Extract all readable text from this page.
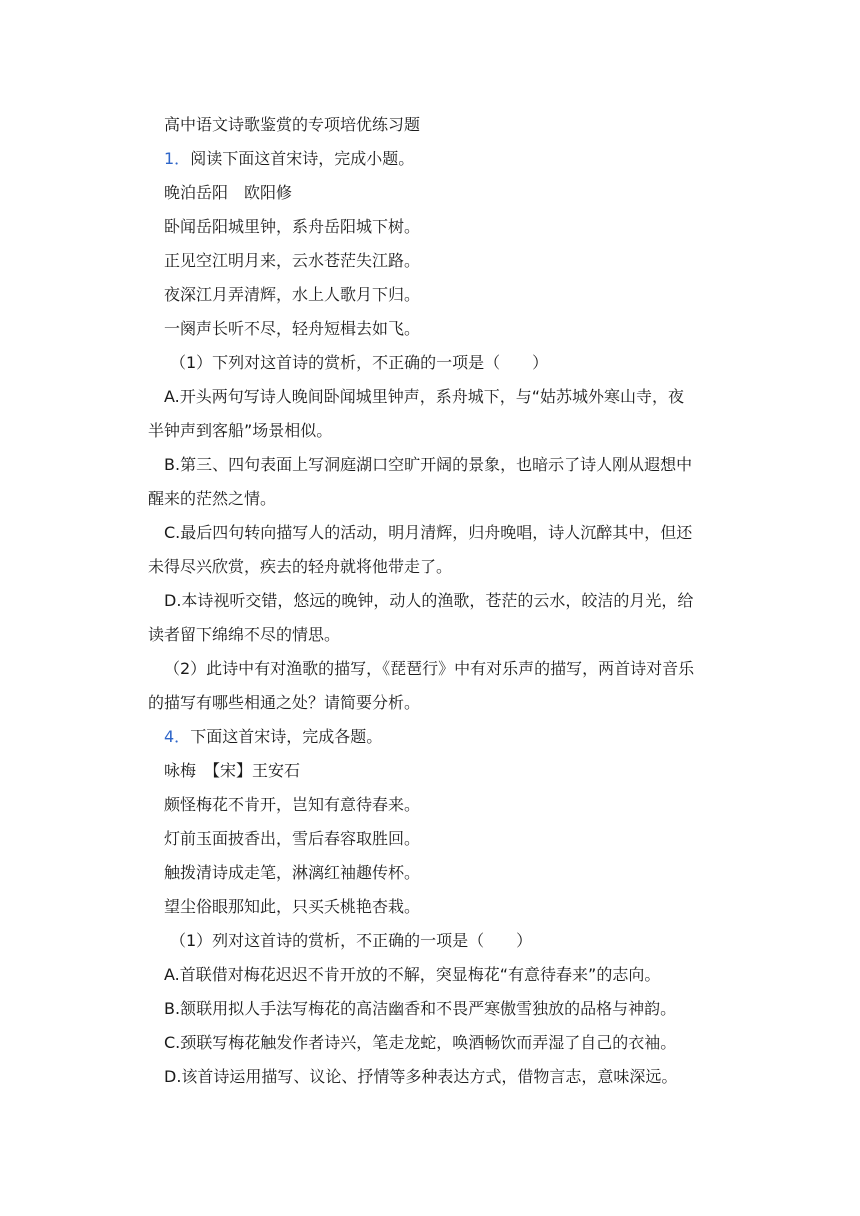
高中语文诗歌鉴赏的专项培优练习题

1．阅读下面这首宋诗，完成小题。

晚泊岳阳　欧阳修

卧闻岳阳城里钟，系舟岳阳城下树。

正见空江明月来，云水苍茫失江路。

夜深江月弄清辉，水上人歌月下归。

一阕声长听不尽，轻舟短楫去如飞。

（1）下列对这首诗的赏析，不正确的一项是（　　）

A.开头两句写诗人晚间卧闻城里钟声，系舟城下，与“姑苏城外寒山寺，夜

半钟声到客船”场景相似。

B.第三、四句表面上写洞庭湖口空旷开阔的景象，也暗示了诗人刚从遐想中

醒来的茫然之情。

C.最后四句转向描写人的活动，明月清辉，归舟晚唱，诗人沉醉其中，但还

未得尽兴欣赏，疾去的轻舟就将他带走了。

D.本诗视听交错，悠远的晚钟，动人的渔歌，苍茫的云水，皎洁的月光，给

读者留下绵绵不尽的情思。

（2）此诗中有对渔歌的描写，《琵琶行》中有对乐声的描写，两首诗对音乐

的描写有哪些相通之处？请简要分析。

4．下面这首宋诗，完成各题。

咏梅　【宋】王安石

颇怪梅花不肯开，岂知有意待春来。

灯前玉面披香出，雪后春容取胜回。

触拨清诗成走笔，淋漓红袖趣传杯。

望尘俗眼那知此，只买夭桃艳杏栽。

（1）列对这首诗的赏析，不正确的一项是（　　）

A.首联借对梅花迟迟不肯开放的不解，突显梅花“有意待春来”的志向。

B.颔联用拟人手法写梅花的高洁幽香和不畏严寒傲雪独放的品格与神韵。

C.颈联写梅花触发作者诗兴，笔走龙蛇，唤酒畅饮而弄湿了自己的衣袖。

D.该首诗运用描写、议论、抒情等多种表达方式，借物言志，意味深远。
